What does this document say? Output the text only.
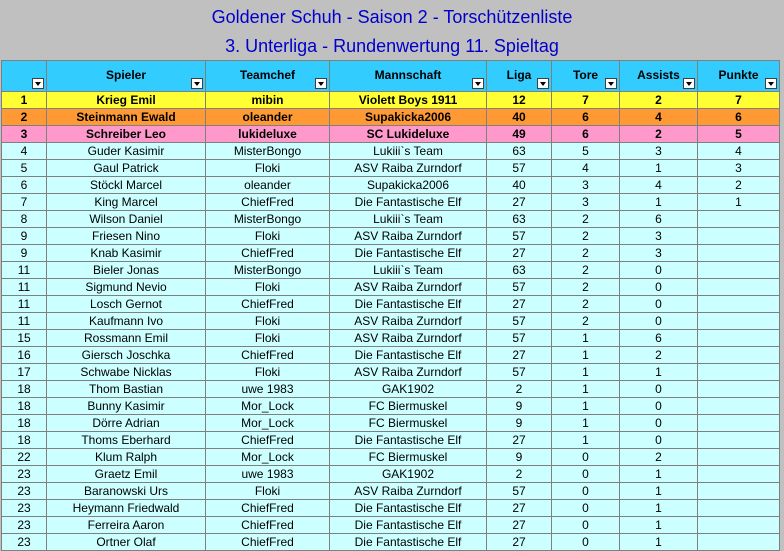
Goldener Schuh - Saison 2 - Torschützenliste
3. Unterliga - Rundenwertung 11. Spieltag
	Spieler	Teamchef	Mannschaft	Liga	Tore	Assists	Punkte

1	Krieg Emil	mibin	Violett Boys 1911	12	7	2	7
2	Steinmann Ewald	oleander	Supakicka2006	40	6	4	6
3	Schreiber Leo	lukideluxe	SC Lukideluxe	49	6	2	5
4	Guder Kasimir	MisterBongo	Lukiii`s Team	63	5	3	4
5	Gaul Patrick	Floki	ASV Raiba Zurndorf	57	4	1	3
6	Stöckl Marcel	oleander	Supakicka2006	40	3	4	2
7	King Marcel	ChiefFred	Die Fantastische Elf	27	3	1	1
8	Wilson Daniel	MisterBongo	Lukiii`s Team	63	2	6	
9	Friesen Nino	Floki	ASV Raiba Zurndorf	57	2	3	
9	Knab Kasimir	ChiefFred	Die Fantastische Elf	27	2	3	
11	Bieler Jonas	MisterBongo	Lukiii`s Team	63	2	0	
11	Sigmund Nevio	Floki	ASV Raiba Zurndorf	57	2	0	
11	Losch Gernot	ChiefFred	Die Fantastische Elf	27	2	0	
11	Kaufmann Ivo	Floki	ASV Raiba Zurndorf	57	2	0	
15	Rossmann Emil	Floki	ASV Raiba Zurndorf	57	1	6	
16	Giersch Joschka	ChiefFred	Die Fantastische Elf	27	1	2	
17	Schwabe Nicklas	Floki	ASV Raiba Zurndorf	57	1	1	
18	Thom Bastian	uwe 1983	GAK1902	2	1	0	
18	Bunny Kasimir	Mor_Lock	FC Biermuskel	9	1	0	
18	Dörre Adrian	Mor_Lock	FC Biermuskel	9	1	0	
18	Thoms Eberhard	ChiefFred	Die Fantastische Elf	27	1	0	
22	Klum Ralph	Mor_Lock	FC Biermuskel	9	0	2	
23	Graetz Emil	uwe 1983	GAK1902	2	0	1	
23	Baranowski Urs	Floki	ASV Raiba Zurndorf	57	0	1	
23	Heymann Friedwald	ChiefFred	Die Fantastische Elf	27	0	1	
23	Ferreira Aaron	ChiefFred	Die Fantastische Elf	27	0	1	
23	Ortner Olaf	ChiefFred	Die Fantastische Elf	27	0	1	
